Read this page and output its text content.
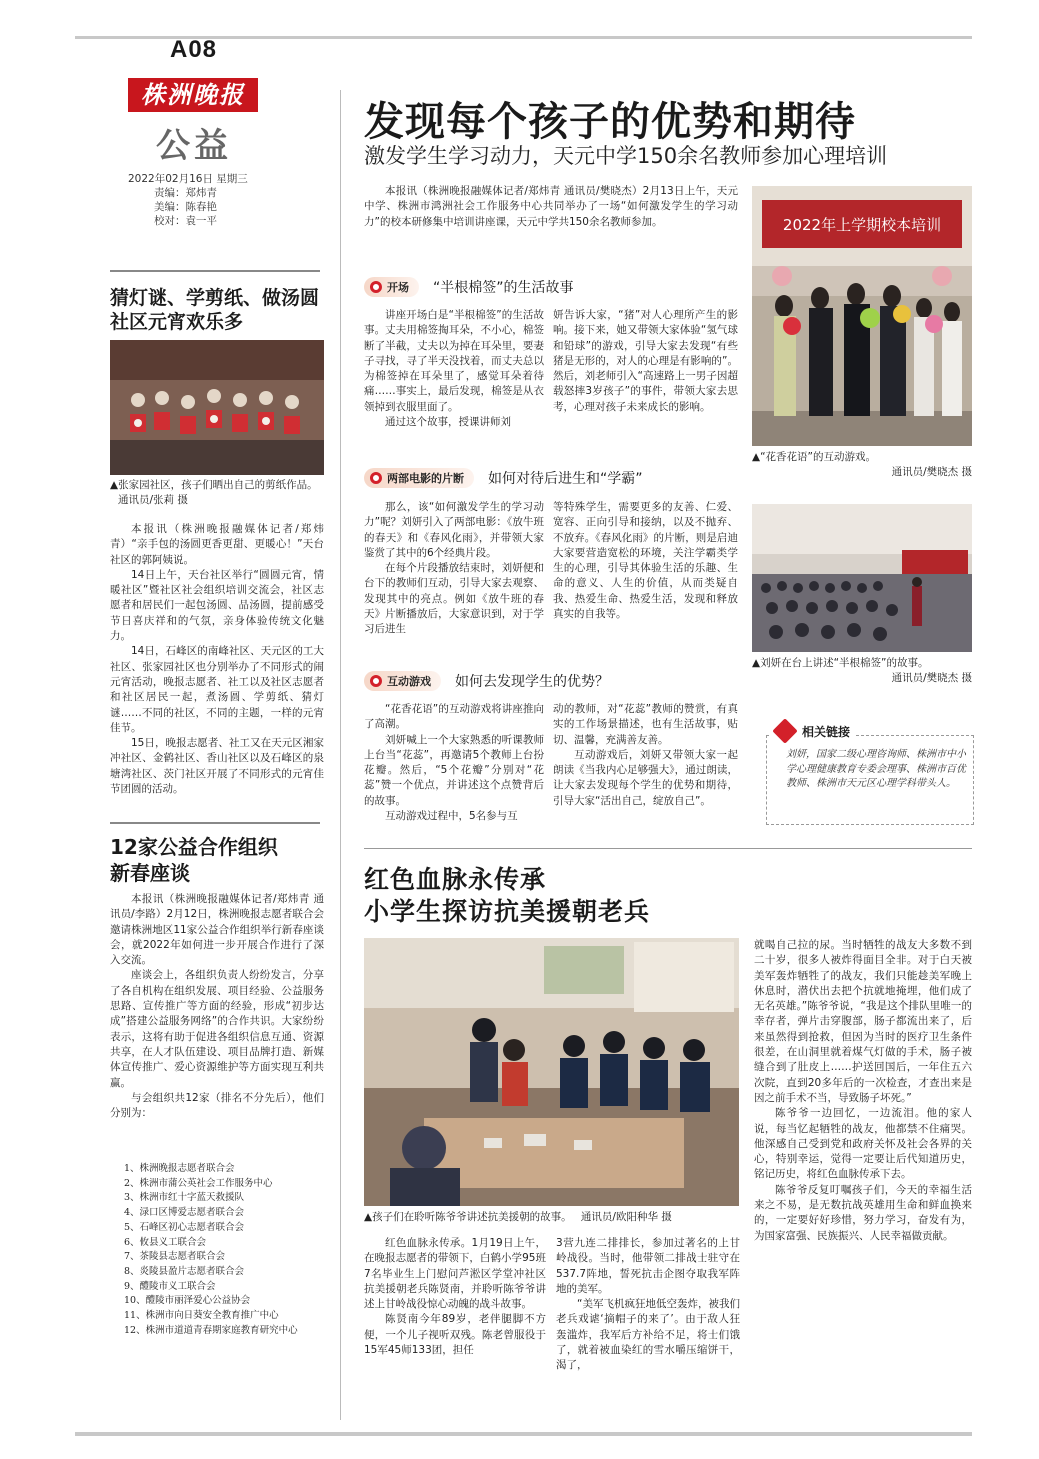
A08
株洲晚报
公益
2022年02月16日 星期三
责编：郑炜青
美编：陈春艳
校对：袁一平
发现每个孩子的优势和期待
激发学生学习动力，天元中学150余名教师参加心理培训

本报讯（株洲晚报融媒体记者/郑炜青 通讯员/樊晓杰）2月13日上午，天元中学、株洲市鸿洲社会工作服务中心共同举办了一场“如何激发学生的学习动力”的校本研修集中培训讲座课，天元中学共150余名教师参加。	2022年上学期校本培训
▲“花香花语”的互动游戏。
通讯员/樊晓杰 摄
开场 “半根棉签”的生活故事

讲座开场白是“半根棉签”的生活故事。丈夫用棉签掏耳朵，不小心，棉签断了半截，丈夫以为掉在耳朵里，要妻子寻找，寻了半天没找着，而丈夫总以为棉签掉在耳朵里了，感觉耳朵着待痛……事实上，最后发现，棉签是从衣领掉到衣服里面了。

通过这个故事，授课讲师刘

妍告诉大家，“猪”对人心理所产生的影响。接下来，她又带领大家体验“氢气球和铅球”的游戏，引导大家去发现“有些猪是无形的，对人的心理是有影响的”。然后，刘老师引入“高速路上一男子因超载怒摔3岁孩子”的事件，带领大家去思考，心理对孩子未来成长的影响。

两部电影的片断 如何对待后进生和“学霸”

那么，该“如何激发学生的学习动力”呢？刘妍引入了两部电影：《放牛班的春天》和《春风化雨》，并带领大家鉴赏了其中的6个经典片段。

在每个片段播放结束时，刘妍便和台下的教师们互动，引导大家去观察、发现其中的亮点。例如《放牛班的春天》片断播放后，大家意识到，对于学习后进生

等特殊学生，需要更多的友善、仁爱、宽容、正向引导和接纳，以及不抛弃、不放弃。《春风化雨》的片断，则是启迪大家要营造宽松的环境，关注学霸类学生的心理，引导其体验生活的乐趣、生命的意义、人生的价值，从而类疑自我、热爱生命、热爱生活，发现和释放真实的自我等。

▲刘妍在台上讲述“半根棉签”的故事。
通讯员/樊晓杰 摄
互动游戏 如何去发现学生的优势？

“花香花语”的互动游戏将讲座推向了高潮。

刘妍喊上一个大家熟悉的听课教师上台当“花蕊”，再邀请5个教师上台扮花瓣。然后，“5个花瓣”分别对“花蕊”赞一个优点，并讲述这个点赞背后的故事。

互动游戏过程中，5名参与互

动的教师，对“花蕊”教师的赞赏，有真实的工作场景描述，也有生活故事，贴切、温馨，充满善友善。

互动游戏后，刘妍又带领大家一起朗读《当我内心足够强大》，通过朗读，让大家去发现每个学生的优势和期待，引导大家“活出自己，绽放自己”。

相关链接
刘妍，国家二级心理咨询师、株洲市中小学心理健康教育专委会理事、株洲市百优教师、株洲市天元区心理学科带头人。
猜灯谜、学剪纸、做汤圆
社区元宵欢乐多
▲张家园社区，孩子们晒出自己的剪纸作品。 通讯员/张莉 摄

本报讯（株洲晚报融媒体记者/郑炜青）“亲手包的汤圆更香更甜、更暖心！”天台社区的郭阿姨说。

14日上午，天台社区举行“圆圆元宵，情暖社区”暨社区社会组织培训交流会，社区志愿者和居民们一起包汤圆、品汤圆，提前感受节日喜庆祥和的气氛，亲身体验传统文化魅力。

14日，石峰区的南峰社区、天元区的工大社区、张家园社区也分别举办了不同形式的闹元宵活动，晚报志愿者、社工以及社区志愿者和社区居民一起，煮汤圆、学剪纸、猜灯谜……不同的社区，不同的主题，一样的元宵佳节。

15日，晚报志愿者、社工又在天元区湘家冲社区、金鹤社区、香山社区以及石峰区的泉塘湾社区、茨门社区开展了不同形式的元宵佳节团圆的活动。

12家公益合作组织
新春座谈

本报讯（株洲晚报融媒体记者/郑炜青 通讯员/李路）2月12日，株洲晚报志愿者联合会邀请株洲地区11家公益合作组织举行新春座谈会，就2022年如何进一步开展合作进行了深入交流。

座谈会上，各组织负责人纷纷发言，分享了各自机构在组织发展、项目经验、公益服务思路、宣传推广等方面的经验，形成“初步达成”搭建公益服务网络”的合作共识。大家纷纷表示，这将有助于促进各组织信息互通、资源共享，在人才队伍建设、项目品牌打造、新媒体宣传推广、爱心资源维护等方面实现互利共赢。

与会组织共12家（排名不分先后），他们分别为：

1、株洲晚报志愿者联合会
2、株洲市蒲公英社会工作服务中心
3、株洲市红十字蓝天救援队
4、渌口区博爱志愿者联合会
5、石峰区初心志愿者联合会
6、攸县义工联合会
7、茶陵县志愿者联合会
8、炎陵县盈片志愿者联合会
9、醴陵市义工联合会
10、醴陵市丽泽爱心公益协会
11、株洲市向日葵安全教育推广中心
12、株洲市道道青春期家庭教育研究中心
红色血脉永传承
小学生探访抗美援朝老兵
▲孩子们在聆听陈爷爷讲述抗美援朝的故事。 通讯员/欧阳种华 摄

红色血脉永传承。1月19日上午，在晚报志愿者的带领下，白鹤小学95班7名毕业生上门慰问芦淞区学堂冲社区抗美援朝老兵陈贤南，并聆听陈爷爷讲述上甘岭战役惊心动魄的战斗故事。

陈贤南今年89岁，老伴腿脚不方便，一个儿子视听双残。陈老曾服役于15军45师133团，担任

3营九连二排排长，参加过著名的上甘岭战役。当时，他带领二排战士驻守在537.7阵地，誓死抗击企图夺取我军阵地的美军。

“美军飞机疯狂地低空轰炸，被我们老兵戏谑‘摘帽子的来了’。由于敌人狂轰滥炸，我军后方补给不足，将士们饿了，就着被血染红的雪水嚼压缩饼干，渴了，

就喝自己拉的尿。当时牺牲的战友大多数不到二十岁，很多人被炸得面目全非。对于白天被美军轰炸牺牲了的战友，我们只能趁美军晚上休息时，潜伏出去把个抗就地掩埋，他们成了无名英雄。”陈爷爷说，“我是这个排队里唯一的幸存者，弹片击穿腹部，肠子都流出来了，后来虽然得到抢救，但因为当时的医疗卫生条件很差，在山洞里就着煤气灯做的手术，肠子被缝合到了肚皮上……护送回国后，一年住五六次院，直到20多年后的一次检查，才查出来是因之前手术不当，导致肠子坏死。”

陈爷爷一边回忆，一边流泪。他的家人说，每当忆起牺牲的战友，他都禁不住痛哭。他深感自己受到党和政府关怀及社会各界的关心，特别幸运，觉得一定要让后代知道历史，铭记历史，将红色血脉传承下去。

陈爷爷反复叮嘱孩子们，今天的幸福生活来之不易，是无数抗战英雄用生命和鲜血换来的，一定要好好珍惜，努力学习，奋发有为，为国家富强、民族振兴、人民幸福做贡献。
